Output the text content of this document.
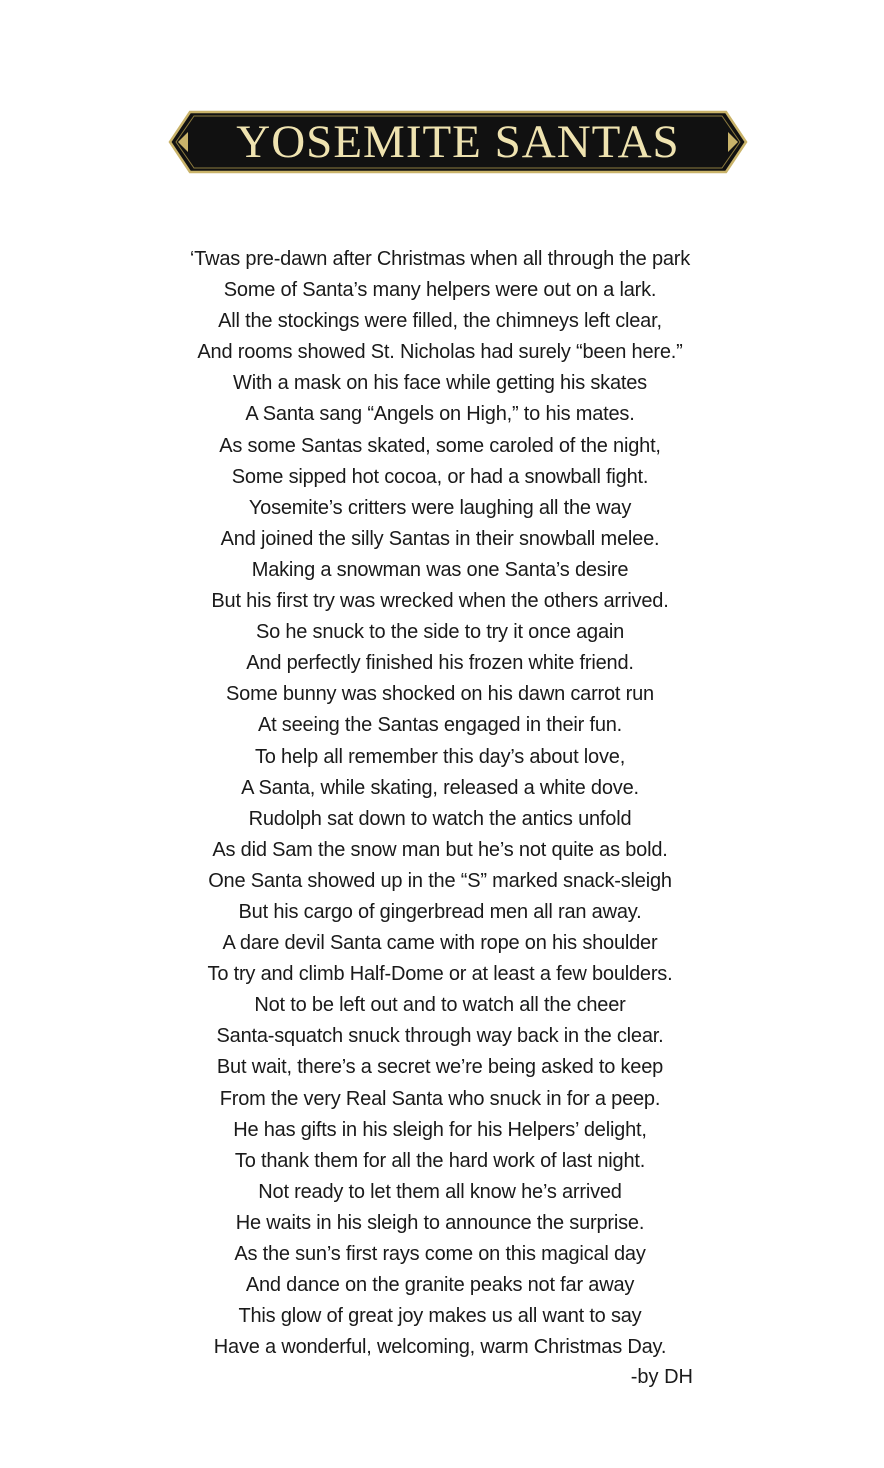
YOSEMITE SANTAS
‘Twas pre-dawn after Christmas when all through the park
Some of Santa’s many helpers were out on a lark.
All the stockings were filled, the chimneys left clear,
And rooms showed St. Nicholas had surely “been here.”
With a mask on his face while getting his skates
A Santa sang “Angels on High,” to his mates.
As some Santas skated, some caroled of the night,
Some sipped hot cocoa, or had a snowball fight.
Yosemite’s critters were laughing all the way
And joined the silly Santas in their snowball melee.
Making a snowman was one Santa’s desire
But his first try was wrecked when the others arrived.
So he snuck to the side to try it once again
And perfectly finished his frozen white friend.
Some bunny was shocked on his dawn carrot run
At seeing the Santas engaged in their fun.
To help all remember this day’s about love,
A Santa, while skating, released a white dove.
Rudolph sat down to watch the antics unfold
As did Sam the snow man but he’s not quite as bold.
One Santa showed up in the “S” marked snack-sleigh
But his cargo of gingerbread men all ran away.
A dare devil Santa came with rope on his shoulder
To try and climb Half-Dome or at least a few boulders.
Not to be left out and to watch all the cheer
Santa-squatch snuck through way back in the clear.
But wait, there’s a secret we’re being asked to keep
From the very Real Santa who snuck in for a peep.
He has gifts in his sleigh for his Helpers’ delight,
To thank them for all the hard work of last night.
Not ready to let them all know he’s arrived
He waits in his sleigh to announce the surprise.
As the sun’s first rays come on this magical day
And dance on the granite peaks not far away
This glow of great joy makes us all want to say
Have a wonderful, welcoming, warm Christmas Day.
-by DH
